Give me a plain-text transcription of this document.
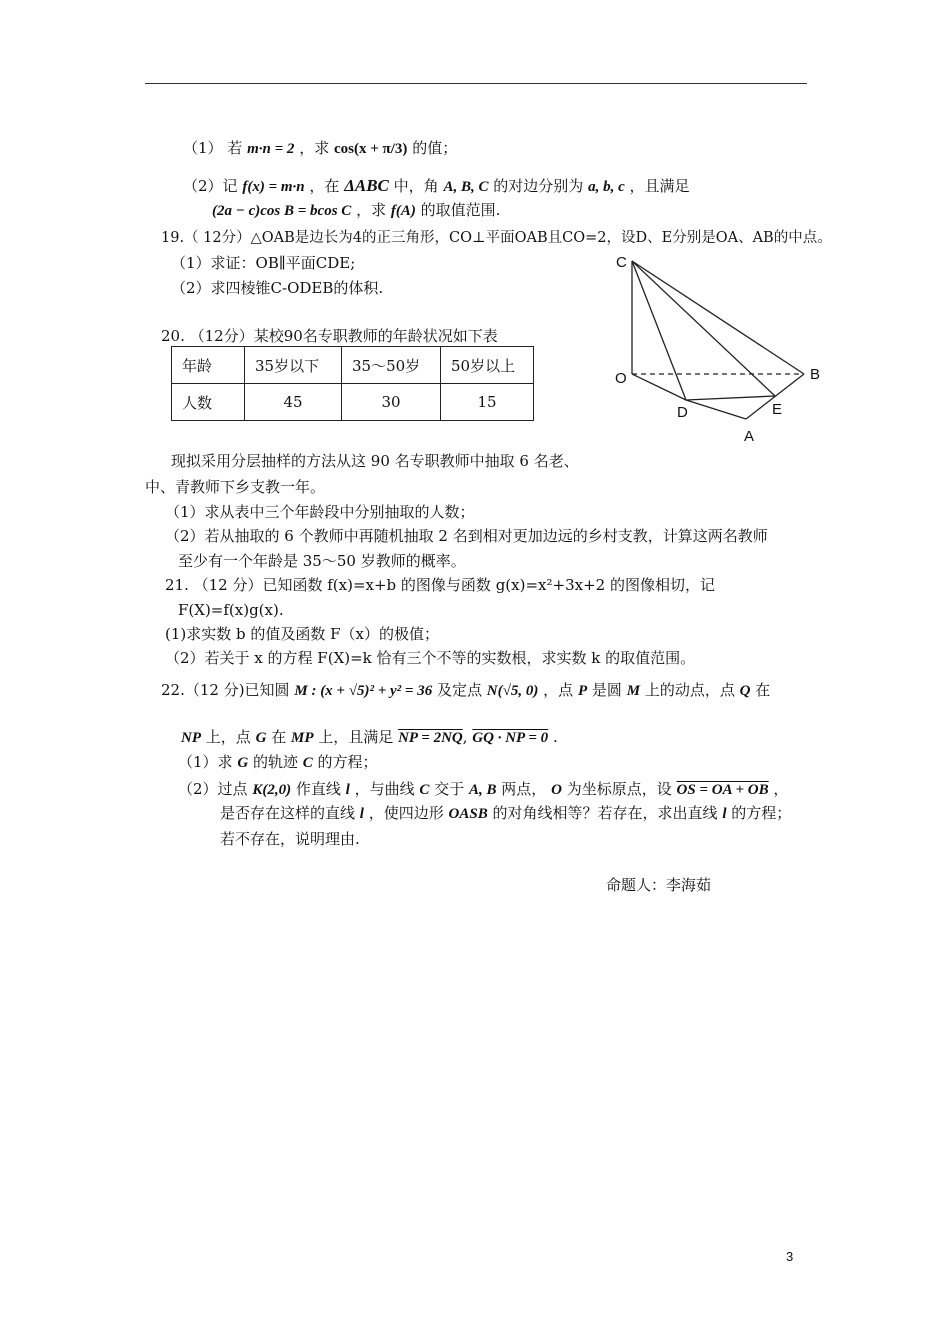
（1） 若 m·n = 2 ，求 cos(x + π/3) 的值；
（2）记 f(x) = m·n ，在 ΔABC 中，角 A, B, C 的对边分别为 a, b, c ，且满足
(2a − c)cos B = bcos C ，求 f(A) 的取值范围.
19.（ 12分）△OAB是边长为4的正三角形，CO⊥平面OAB且CO=2，设D、E分别是OA、AB的中点。
（1）求证：OB∥平面CDE;
（2）求四棱锥C-ODEB的体积.
C
O	B
D	E
A
20. （12分）某校90名专职教师的年龄状况如下表
年龄	35岁以下	35～50岁	50岁以上
人数	45	30	15
现拟采用分层抽样的方法从这 90 名专职教师中抽取 6 名老、
中、青教师下乡支教一年。
（1）求从表中三个年龄段中分别抽取的人数；
（2）若从抽取的 6 个教师中再随机抽取 2 名到相对更加边远的乡村支教，计算这两名教师
至少有一个年龄是 35～50 岁教师的概率。
21. （12 分）已知函数 f(x)=x+b 的图像与函数 g(x)=x²+3x+2 的图像相切，记
F(X)=f(x)g(x).
(1)求实数 b 的值及函数 F（x）的极值；
（2）若关于 x 的方程 F(X)=k 恰有三个不等的实数根，求实数 k 的取值范围。
22.（12 分)已知圆 M : (x + √5)² + y² = 36 及定点 N(√5, 0) ，点 P 是圆 M 上的动点，点 Q 在
NP 上，点 G 在 MP 上，且满足 NP = 2NQ, GQ · NP = 0 .
（1）求 G 的轨迹 C 的方程；
（2）过点 K(2,0) 作直线 l ，与曲线 C 交于 A, B 两点， O 为坐标原点，设 OS = OA + OB ，
是否存在这样的直线 l ，使四边形 OASB 的对角线相等？若存在，求出直线 l 的方程；
若不存在，说明理由.
命题人：李海茹
3
